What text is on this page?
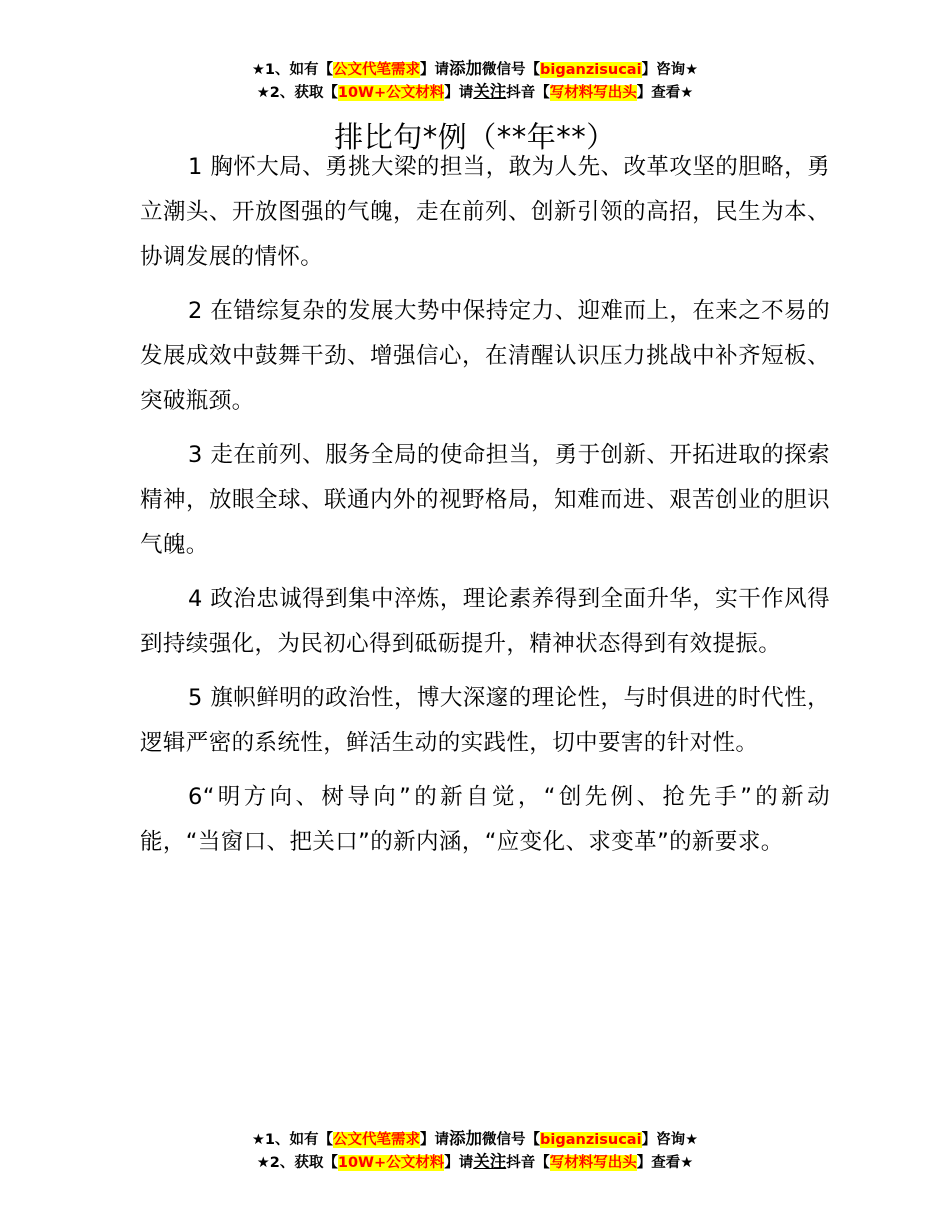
★1、如有【公文代笔需求】请添加微信号【biganzisucai】咨询★
★2、获取【10W+公文材料】请关注抖音【写材料写出头】查看★
排比句*例（**年**）

1 胸怀大局、勇挑大梁的担当，敢为人先、改革攻坚的胆略，勇立潮头、开放图强的气魄，走在前列、创新引领的高招，民生为本、协调发展的情怀。

2 在错综复杂的发展大势中保持定力、迎难而上，在来之不易的发展成效中鼓舞干劲、增强信心，在清醒认识压力挑战中补齐短板、突破瓶颈。

3 走在前列、服务全局的使命担当，勇于创新、开拓进取的探索精神，放眼全球、联通内外的视野格局，知难而进、艰苦创业的胆识气魄。

4 政治忠诚得到集中淬炼，理论素养得到全面升华，实干作风得到持续强化，为民初心得到砥砺提升，精神状态得到有效提振。

5 旗帜鲜明的政治性，博大深邃的理论性，与时俱进的时代性，逻辑严密的系统性，鲜活生动的实践性，切中要害的针对性。

6“明方向、树导向”的新自觉，“创先例、抢先手”的新动能，“当窗口、把关口”的新内涵，“应变化、求变革”的新要求。

★1、如有【公文代笔需求】请添加微信号【biganzisucai】咨询★
★2、获取【10W+公文材料】请关注抖音【写材料写出头】查看★
